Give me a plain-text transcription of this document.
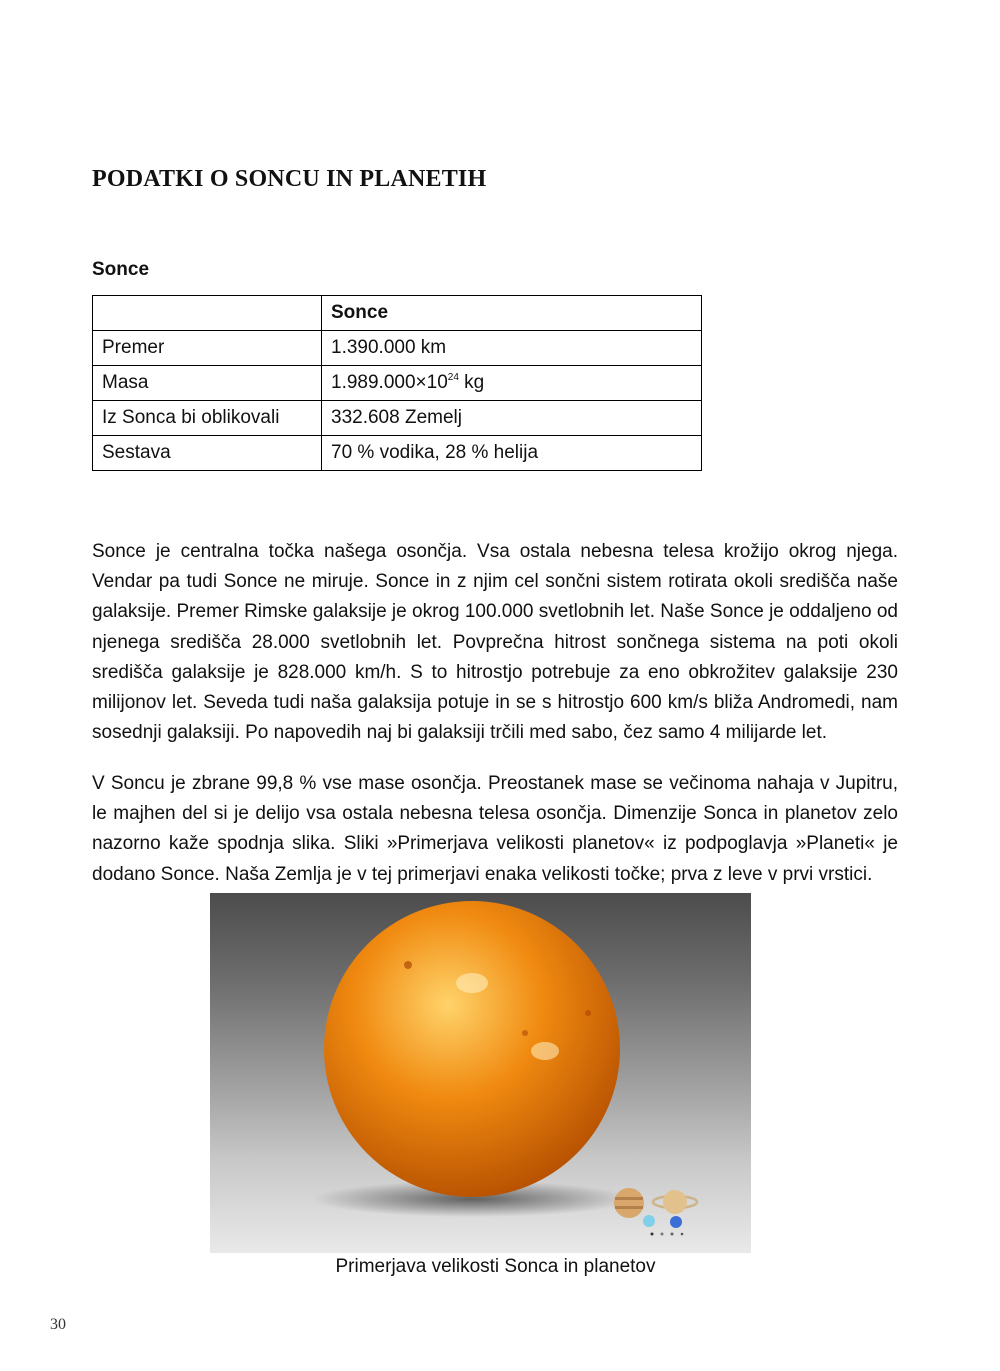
PODATKI O SONCU IN PLANETIH
Sonce
	Sonce
Premer	1.390.000 km
Masa	$1.989.000\times 10^{24}$ kg
Iz Sonca bi oblikovali	332.608 Zemelj
Sestava	70 % vodika, 28 % helija

Sonce je centralna točka našega osončja. Vsa ostala nebesna telesa krožijo okrog njega. Vendar pa tudi Sonce ne miruje. Sonce in z njim cel sončni sistem rotirata okoli središča naše galaksije. Premer Rimske galaksije je okrog 100.000 svetlobnih let. Naše Sonce je oddaljeno od njenega središča 28.000 svetlobnih let. Povprečna hitrost sončnega sistema na poti okoli središča galaksije je 828.000 km/h. S to hitrostjo potrebuje za eno obkrožitev galaksije 230 milijonov let. Seveda tudi naša galaksija potuje in se s hitrostjo 600 km/s bliža Andromedi, nam sosednji galaksiji. Po napovedih naj bi galaksiji trčili med sabo, čez samo 4 milijarde let.

V Soncu je zbrane 99,8 % vse mase osončja. Preostanek mase se večinoma nahaja v Jupitru, le majhen del si je delijo vsa ostala nebesna telesa osončja. Dimenzije Sonca in planetov zelo nazorno kaže spodnja slika. Sliki »Primerjava velikosti planetov« iz podpoglavja »Planeti« je dodano Sonce. Naša Zemlja je v tej primerjavi enaka velikosti točke; prva z leve v prvi vrstici.

Primerjava velikosti Sonca in planetov

30
